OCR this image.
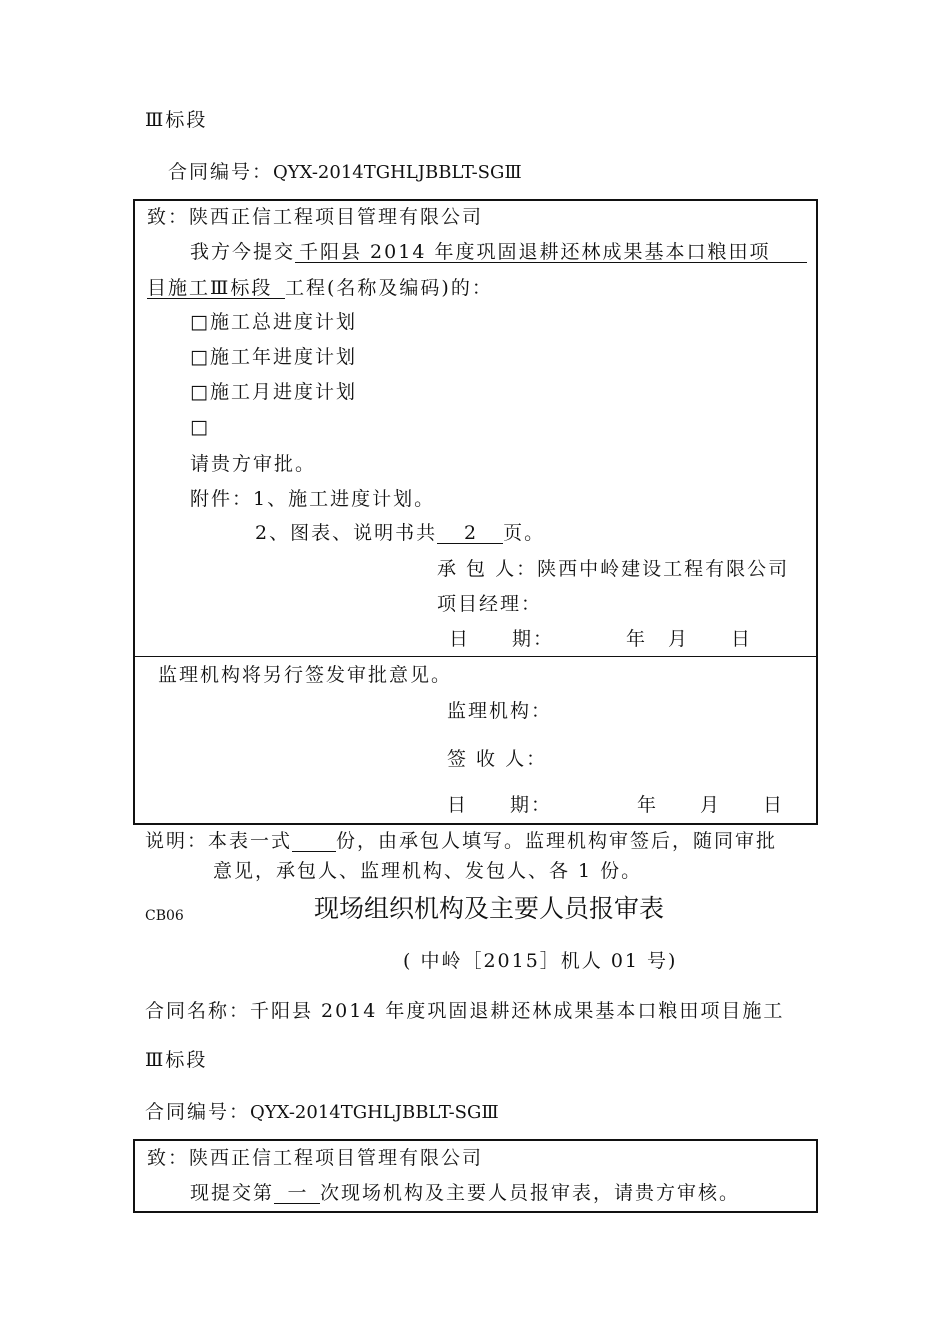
Ⅲ标段
合同编号：QYX-2014TGHLJBBLT-SGⅢ
致：陕西正信工程项目管理有限公司
我方今提交 千阳县 2014 年度巩固退耕还林成果基本口粮田项
目施工Ⅲ标段 工程(名称及编码)的：
□施工总进度计划
□施工年进度计划
□施工月进度计划
□
请贵方审批。
附件：1、施工进度计划。
2、图表、说明书共 2 页。
承 包 人：陕西中岭建设工程有限公司
项目经理：
日　　期：	年　月　　日
监理机构将另行签发审批意见。
监理机构：
签 收 人：
日　　期：	年　　月　　日
说明：本表一式 份，由承包人填写。监理机构审签后，随同审批
意见，承包人、监理机构、发包人、各 1 份。
CB06	现场组织机构及主要人员报审表
( 中岭［2015］机人 01 号)
合同名称：千阳县 2014 年度巩固退耕还林成果基本口粮田项目施工
Ⅲ标段
合同编号：QYX-2014TGHLJBBLT-SGⅢ
致：陕西正信工程项目管理有限公司
现提交第 一 次现场机构及主要人员报审表，请贵方审核。
